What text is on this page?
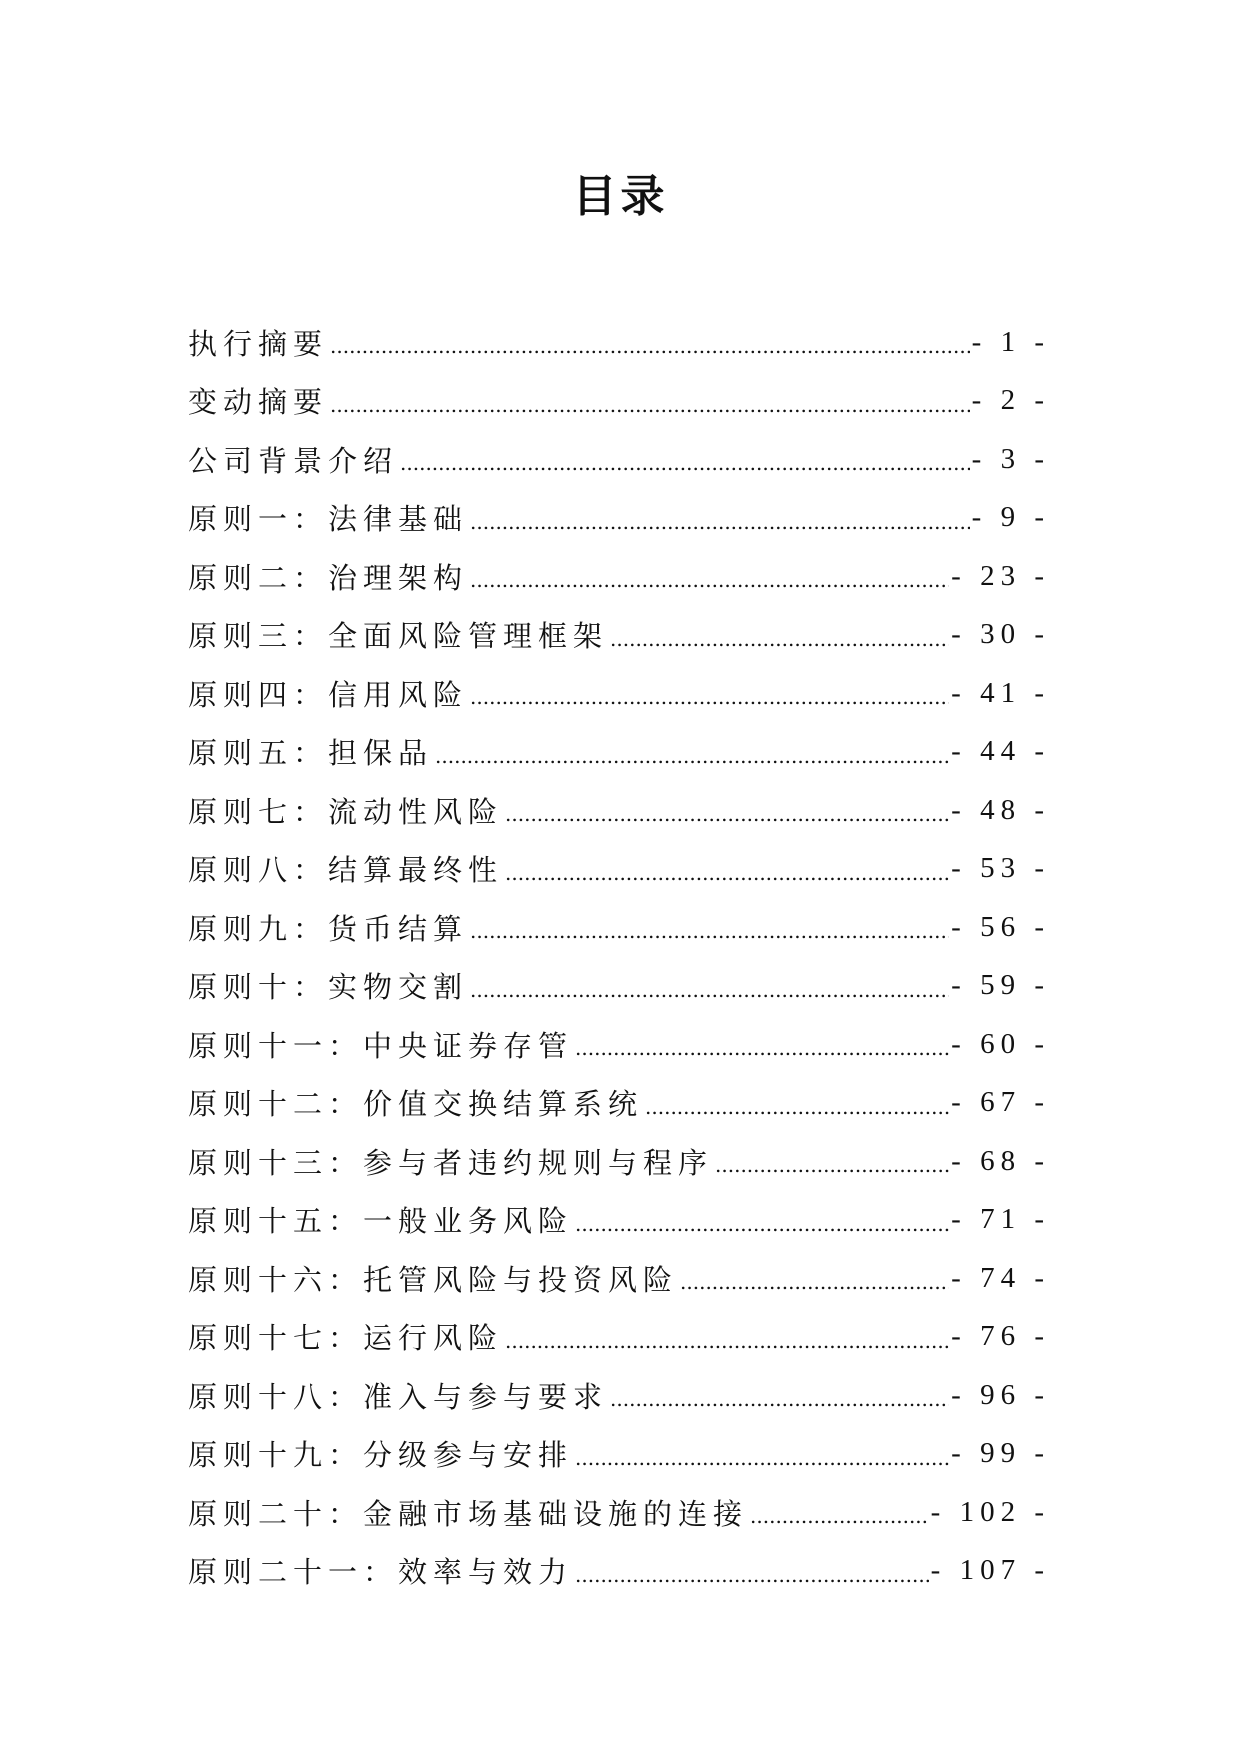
目录
执行摘要 .....	- 1 -
变动摘要 .....	- 2 -
公司背景介绍 .....	- 3 -
原则一：法律基础 .....	- 9 -
原则二：治理架构 .....	- 23 -
原则三：全面风险管理框架 .....	- 30 -
原则四：信用风险 .....	- 41 -
原则五：担保品 .....	- 44 -
原则七：流动性风险 .....	- 48 -
原则八：结算最终性 .....	- 53 -
原则九：货币结算 .....	- 56 -
原则十：实物交割 .....	- 59 -
原则十一：中央证券存管 .....	- 60 -
原则十二：价值交换结算系统 .....	- 67 -
原则十三：参与者违约规则与程序 .....	- 68 -
原则十五：一般业务风险 .....	- 71 -
原则十六：托管风险与投资风险 .....	- 74 -
原则十七：运行风险 .....	- 76 -
原则十八：准入与参与要求 .....	- 96 -
原则十九：分级参与安排 .....	- 99 -
原则二十：金融市场基础设施的连接 .....	- 102 -
原则二十一：效率与效力 .....	- 107 -
